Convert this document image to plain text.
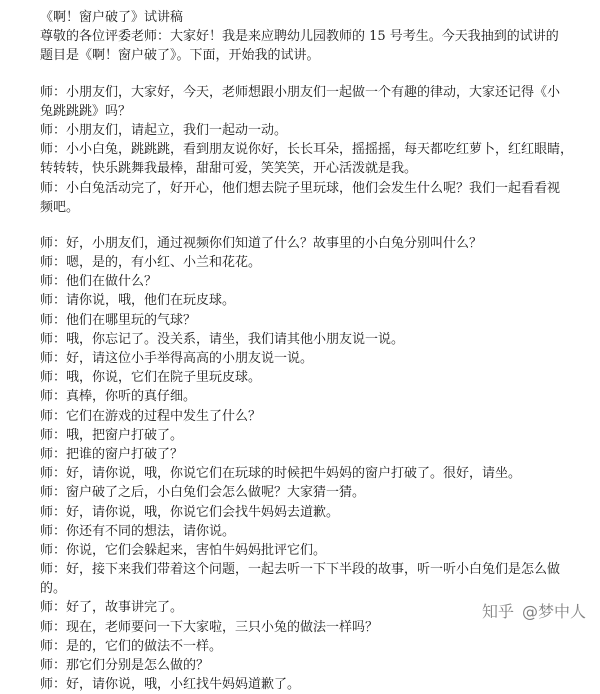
《啊！窗户破了》试讲稿
尊敬的各位评委老师：大家好！我是来应聘幼儿园教师的 15 号考生。今天我抽到的试讲的
题目是《啊！窗户破了》。下面，开始我的试讲。
师：小朋友们，大家好，今天，老师想跟小朋友们一起做一个有趣的律动，大家还记得《小
兔跳跳跳》吗？
师：小朋友们，请起立，我们一起动一动。
师：小小白兔，跳跳跳，看到朋友说你好，长长耳朵，摇摇摇，每天都吃红萝卜，红红眼睛，
转转转，快乐跳舞我最棒，甜甜可爱，笑笑笑，开心活泼就是我。
师：小白兔活动完了，好开心，他们想去院子里玩球，他们会发生什么呢？我们一起看看视
频吧。
师：好，小朋友们，通过视频你们知道了什么？故事里的小白兔分别叫什么？
师：嗯，是的，有小红、小兰和花花。
师：他们在做什么？
师：请你说，哦，他们在玩皮球。
师：他们在哪里玩的气球？
师：哦，你忘记了。没关系，请坐，我们请其他小朋友说一说。
师：好，请这位小手举得高高的小朋友说一说。
师：哦，你说，它们在院子里玩皮球。
师：真棒，你听的真仔细。
师：它们在游戏的过程中发生了什么？
师：哦，把窗户打破了。
师：把谁的窗户打破了？
师：好，请你说，哦，你说它们在玩球的时候把牛妈妈的窗户打破了。很好，请坐。
师：窗户破了之后，小白兔们会怎么做呢？大家猜一猜。
师：好，请你说，哦，你说它们会找牛妈妈去道歉。
师：你还有不同的想法，请你说。
师：你说，它们会躲起来，害怕牛妈妈批评它们。
师：好，接下来我们带着这个问题，一起去听一下下半段的故事，听一听小白兔们是怎么做
的。
师：好了，故事讲完了。
师：现在，老师要问一下大家啦，三只小兔的做法一样吗？
师：是的，它们的做法不一样。
师：那它们分别是怎么做的？
师：好，请你说，哦，小红找牛妈妈道歉了。
知乎 @梦中人
